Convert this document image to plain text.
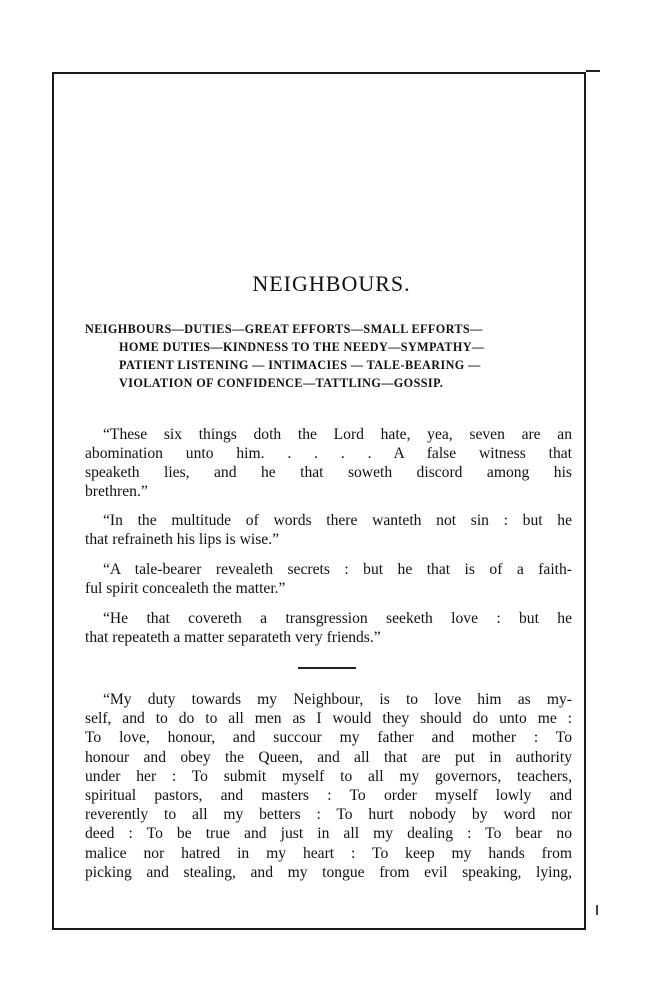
NEIGHBOURS.
NEIGHBOURS—DUTIES—GREAT EFFORTS—SMALL EFFORTS—
HOME DUTIES—KINDNESS TO THE NEEDY—SYMPATHY—
PATIENT LISTENING — INTIMACIES — TALE-BEARING —
VIOLATION OF CONFIDENCE—TATTLING—GOSSIP.
“These six things doth the Lord hate, yea, seven are an
abomination unto him. . . . . A false witness that
speaketh lies, and he that soweth discord among his
brethren.”
“In the multitude of words there wanteth not sin : but he
that refraineth his lips is wise.”
“A tale-bearer revealeth secrets : but he that is of a faith-
ful spirit concealeth the matter.”
“He that covereth a transgression seeketh love : but he
that repeateth a matter separateth very friends.”
“My duty towards my Neighbour, is to love him as my-
self, and to do to all men as I would they should do unto me :
To love, honour, and succour my father and mother : To
honour and obey the Queen, and all that are put in authority
under her : To submit myself to all my governors, teachers,
spiritual pastors, and masters : To order myself lowly and
reverently to all my betters : To hurt nobody by word nor
deed : To be true and just in all my dealing : To bear no
malice nor hatred in my heart : To keep my hands from
picking and stealing, and my tongue from evil speaking, lying,
